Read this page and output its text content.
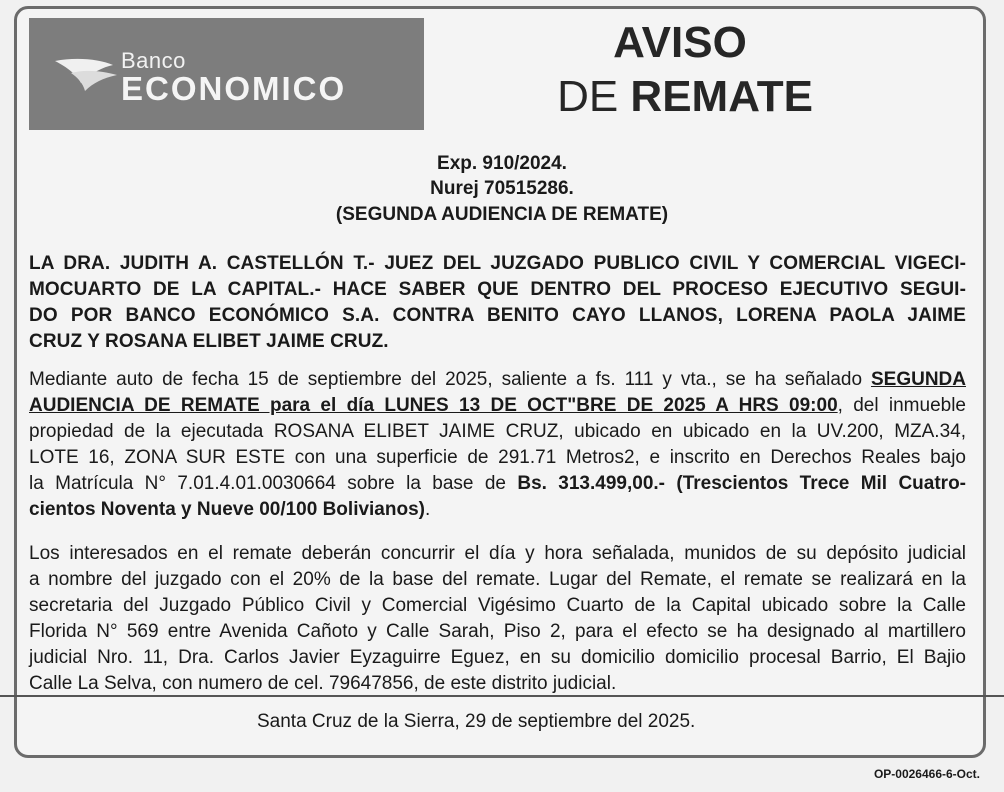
Banco
ECONOMICO
AVISO
DE REMATE
Exp. 910/2024.
Nurej 70515286.
(SEGUNDA AUDIENCIA DE REMATE)
LA DRA. JUDITH A. CASTELLÓN T.- JUEZ DEL JUZGADO PUBLICO CIVIL Y COMERCIAL VIGECI-
MOCUARTO DE LA CAPITAL.- HACE SABER QUE DENTRO DEL PROCESO EJECUTIVO SEGUI-
DO POR BANCO ECONÓMICO S.A. CONTRA BENITO CAYO LLANOS, LORENA PAOLA JAIME
CRUZ Y ROSANA ELIBET JAIME CRUZ.
Mediante auto de fecha 15 de septiembre del 2025, saliente a fs. 111 y vta., se ha señalado SEGUNDA
AUDIENCIA DE REMATE para el día LUNES 13 DE OCT"BRE DE 2025 A HRS 09:00, del inmueble
propiedad de la ejecutada ROSANA ELIBET JAIME CRUZ, ubicado en ubicado en la UV.200, MZA.34,
LOTE 16, ZONA SUR ESTE con una superficie de 291.71 Metros2, e inscrito en Derechos Reales bajo
la Matrícula N° 7.01.4.01.0030664 sobre la base de Bs. 313.499,00.- (Trescientos Trece Mil Cuatro-
cientos Noventa y Nueve 00/100 Bolivianos).
Los interesados en el remate deberán concurrir el día y hora señalada, munidos de su depósito judicial
a nombre del juzgado con el 20% de la base del remate. Lugar del Remate, el remate se realizará en la
secretaria del Juzgado Público Civil y Comercial Vigésimo Cuarto de la Capital ubicado sobre la Calle
Florida N° 569 entre Avenida Cañoto y Calle Sarah, Piso 2, para el efecto se ha designado al martillero
judicial Nro. 11, Dra. Carlos Javier Eyzaguirre Eguez, en su domicilio domicilio procesal Barrio, El Bajio
Calle La Selva, con numero de cel. 79647856, de este distrito judicial.
Santa Cruz de la Sierra, 29 de septiembre del 2025.
OP-0026466-6-Oct.
